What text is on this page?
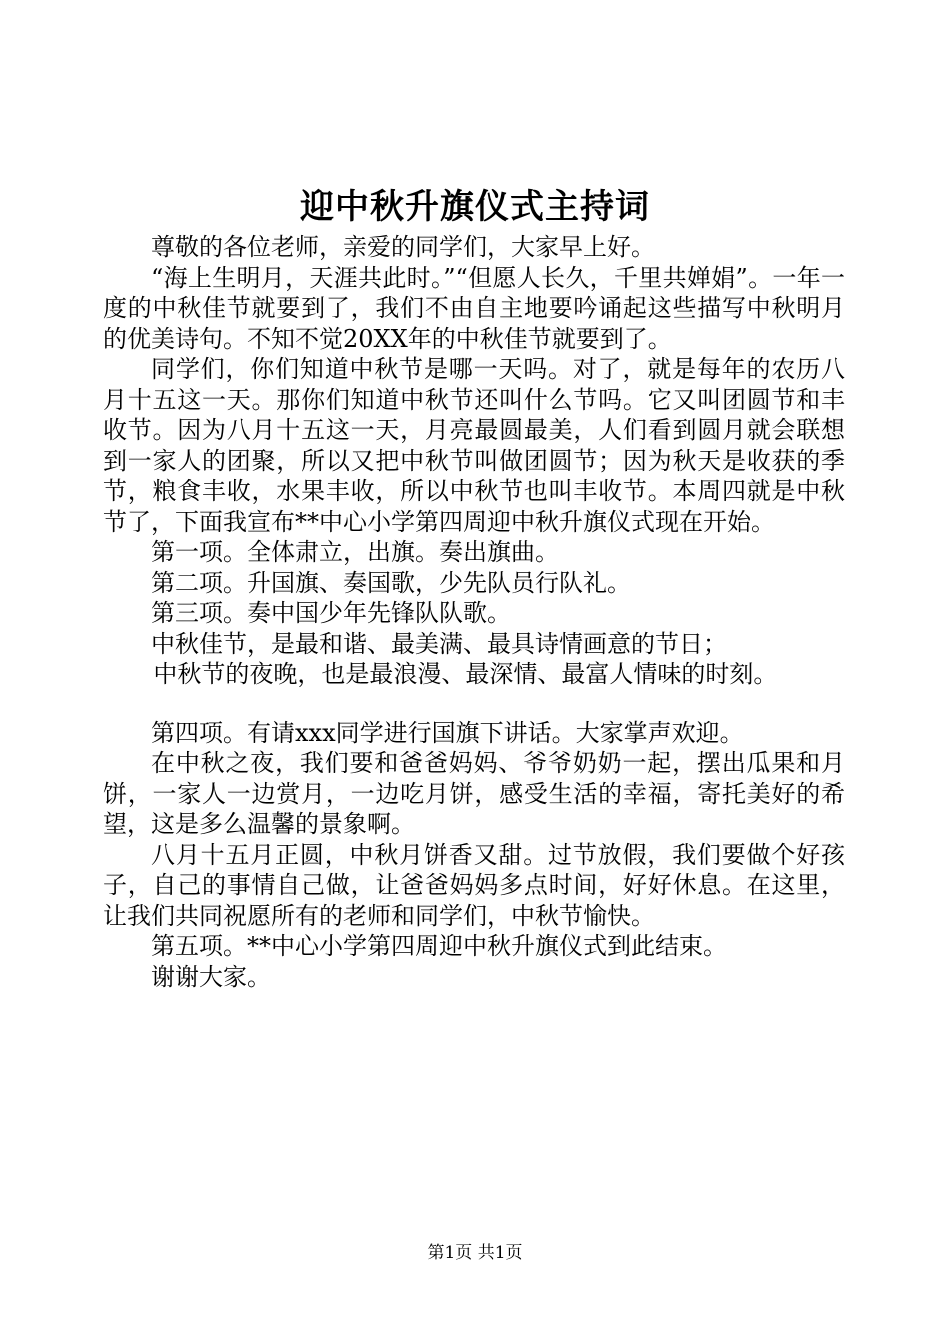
迎中秋升旗仪式主持词

尊敬的各位老师，亲爱的同学们，大家早上好。

“海上生明月，天涯共此时。”“但愿人长久，千里共婵娟”。一年一度的中秋佳节就要到了，我们不由自主地要吟诵起这些描写中秋明月的优美诗句。不知不觉20XX年的中秋佳节就要到了。

同学们，你们知道中秋节是哪一天吗。对了，就是每年的农历八月十五这一天。那你们知道中秋节还叫什么节吗。它又叫团圆节和丰收节。因为八月十五这一天，月亮最圆最美，人们看到圆月就会联想到一家人的团聚，所以又把中秋节叫做团圆节；因为秋天是收获的季节，粮食丰收，水果丰收，所以中秋节也叫丰收节。本周四就是中秋节了，下面我宣布**中心小学第四周迎中秋升旗仪式现在开始。

第一项。全体肃立，出旗。奏出旗曲。

第二项。升国旗、奏国歌，少先队员行队礼。

第三项。奏中国少年先锋队队歌。

中秋佳节，是最和谐、最美满、最具诗情画意的节日；

中秋节的夜晚，也是最浪漫、最深情、最富人情味的时刻。

第四项。有请xxx同学进行国旗下讲话。大家掌声欢迎。

在中秋之夜，我们要和爸爸妈妈、爷爷奶奶一起，摆出瓜果和月饼，一家人一边赏月，一边吃月饼，感受生活的幸福，寄托美好的希望，这是多么温馨的景象啊。

八月十五月正圆，中秋月饼香又甜。过节放假，我们要做个好孩子，自己的事情自己做，让爸爸妈妈多点时间，好好休息。在这里，让我们共同祝愿所有的老师和同学们，中秋节愉快。

第五项。**中心小学第四周迎中秋升旗仪式到此结束。

谢谢大家。

第1页 共1页
